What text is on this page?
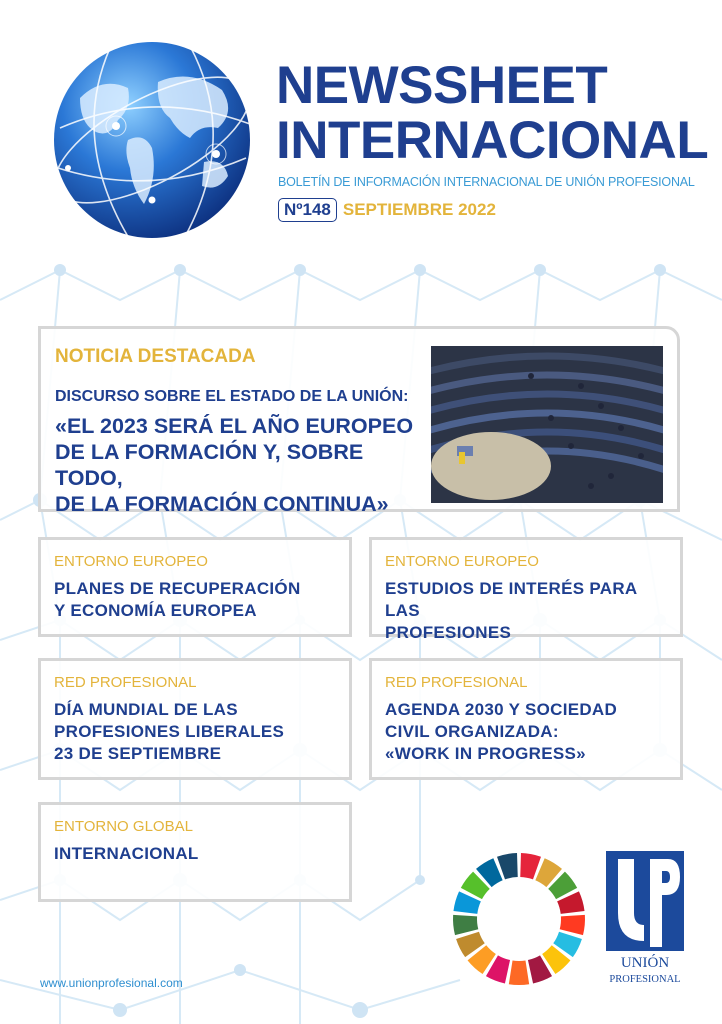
NEWSSHEET
INTERNACIONAL
BOLETÍN DE INFORMACIÓN INTERNACIONAL DE UNIÓN PROFESIONAL
Nº148 SEPTIEMBRE 2022
NOTICIA DESTACADA
DISCURSO SOBRE EL ESTADO DE LA UNIÓN:
«EL 2023 SERÁ EL AÑO EUROPEO
DE LA FORMACIÓN Y, SOBRE TODO,
DE LA FORMACIÓN CONTINUA»
ENTORNO EUROPEO
PLANES DE RECUPERACIÓN
Y ECONOMÍA EUROPEA
ENTORNO EUROPEO
ESTUDIOS DE INTERÉS PARA LAS
PROFESIONES
RED PROFESIONAL
DÍA MUNDIAL DE LAS
PROFESIONES LIBERALES
23 DE SEPTIEMBRE
RED PROFESIONAL
AGENDA 2030 Y SOCIEDAD
CIVIL ORGANIZADA:
«WORK IN PROGRESS»
ENTORNO GLOBAL
INTERNACIONAL
UNIÓN
PROFESIONAL
www.unionprofesional.com
